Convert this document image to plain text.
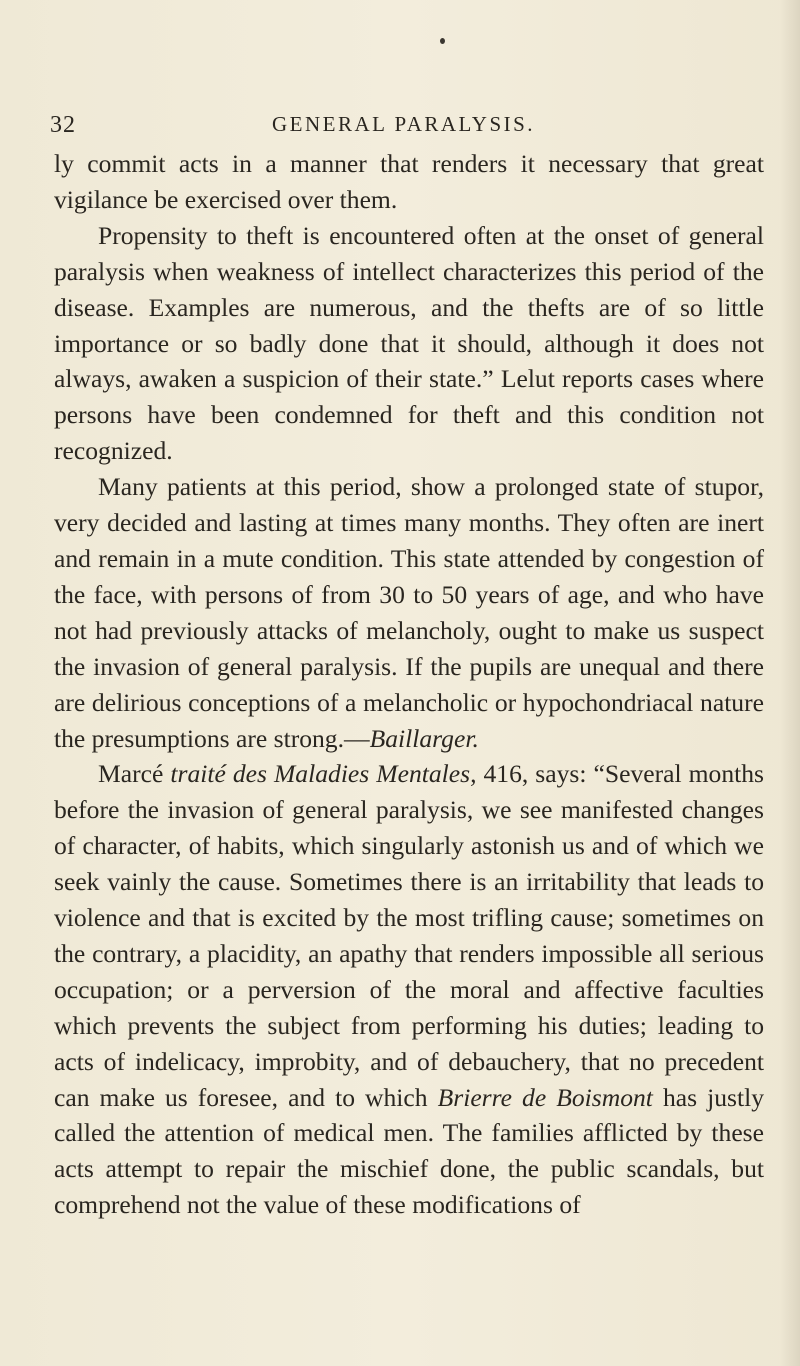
32	GENERAL PARALYSIS.

ly commit acts in a manner that renders it necessary that great vigilance be exercised over them.

Propensity to theft is encountered often at the onset of general paralysis when weakness of intellect characterizes this period of the disease. Examples are numerous, and the thefts are of so little importance or so badly done that it should, although it does not always, awaken a suspicion of their state.” Lelut reports cases where persons have been condemned for theft and this condition not recognized.

Many patients at this period, show a prolonged state of stupor, very decided and lasting at times many months. They often are inert and remain in a mute condition. This state attended by congestion of the face, with persons of from 30 to 50 years of age, and who have not had previously attacks of melancholy, ought to make us suspect the invasion of general paralysis. If the pupils are unequal and there are delirious conceptions of a melancholic or hypochondriacal nature the presumptions are strong.—Baillarger.

Marcé traité des Maladies Mentales, 416, says: “Several months before the invasion of general paralysis, we see manifested changes of character, of habits, which singularly astonish us and of which we seek vainly the cause. Sometimes there is an irritability that leads to violence and that is excited by the most trifling cause; sometimes on the contrary, a placidity, an apathy that renders impossible all serious occupation; or a perversion of the moral and affective faculties which prevents the subject from performing his duties; leading to acts of indelicacy, improbity, and of debauchery, that no precedent can make us foresee, and to which Brierre de Boismont has justly called the attention of medical men. The families afflicted by these acts attempt to repair the mischief done, the public scandals, but comprehend not the value of these modifications of
